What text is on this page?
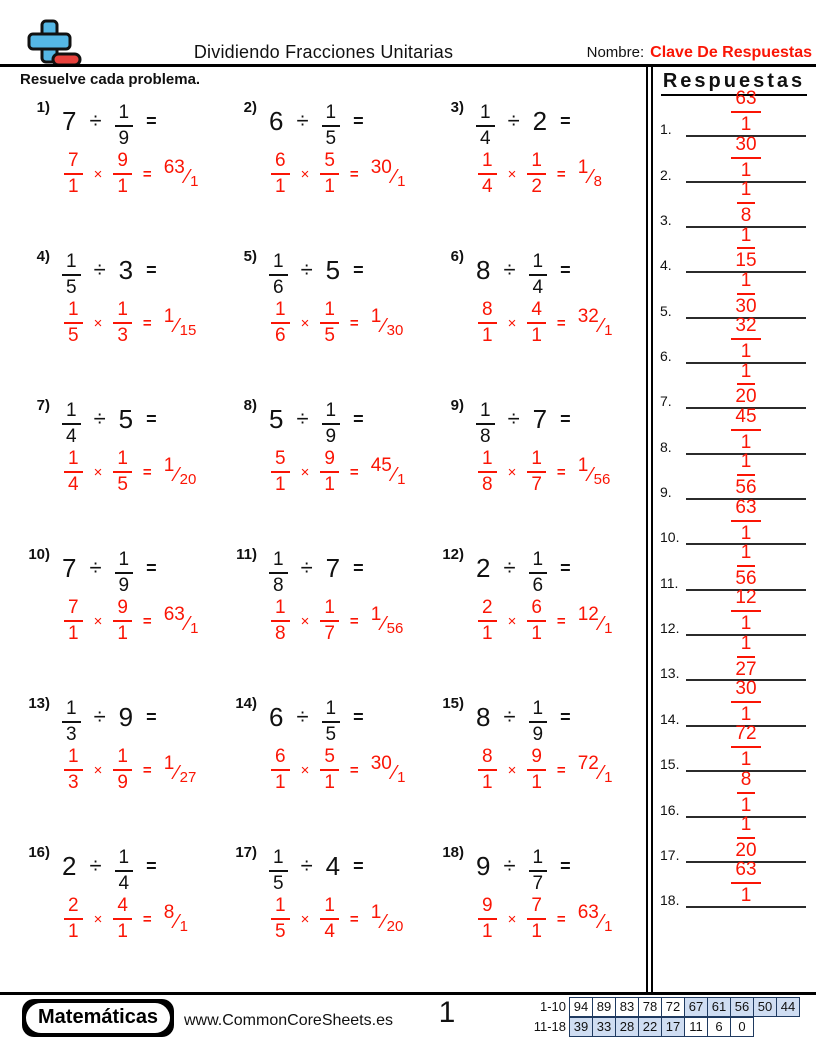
Dividiendo Fracciones Unitarias	Nombre: Clave De Respuestas
Resuelve cada problema.
1) $7 \div \frac{1}{9}$ =
$\frac{7}{1} \times \frac{9}{1} = 63$ ⁄ 1
2) $6 \div \frac{1}{5}$ =
$\frac{6}{1} \times \frac{5}{1} = 30$ ⁄ 1
$3) \frac{1}{4} \div 2$ =
$\frac{1}{4} \times \frac{1}{2} = 1$ ⁄ 8
$4) \frac{1}{5} \div 3$ =
$\frac{1}{5} \times \frac{1}{3} = 1$ ⁄ 15
$5) \frac{1}{6} \div 5$ =
$\frac{1}{6} \times \frac{1}{5} = 1$ ⁄ 30
6) $8 \div \frac{1}{4}$ =
$\frac{8}{1} \times \frac{4}{1} = 32$ ⁄ 1
$7) \frac{1}{4} \div 5$ =
$\frac{1}{4} \times \frac{1}{5} = 1$ ⁄ 20
8) $5 \div \frac{1}{9}$ =
$\frac{5}{1} \times \frac{9}{1} = 45$ ⁄ 1
$9) \frac{1}{8} \div 7$ =
$\frac{1}{8} \times \frac{1}{7} = 1$ ⁄ 56
10) $7 \div \frac{1}{9}$ =
$\frac{7}{1} \times \frac{9}{1} = 63$ ⁄ 1
$11) \frac{1}{8} \div 7$ =
$\frac{1}{8} \times \frac{1}{7} = 1$ ⁄ 56
12) $2 \div \frac{1}{6}$ =
$\frac{2}{1} \times \frac{6}{1} = 12$ ⁄ 1
$13) \frac{1}{3} \div 9$ =
$\frac{1}{3} \times \frac{1}{9} = 1$ ⁄ 27
14) $6 \div \frac{1}{5}$ =
$\frac{6}{1} \times \frac{5}{1} = 30$ ⁄ 1
15) $8 \div \frac{1}{9}$ =
$\frac{8}{1} \times \frac{9}{1} = 72$ ⁄ 1
16) $2 \div \frac{1}{4}$ =
$\frac{2}{1} \times \frac{4}{1} = 8$ ⁄ 1
$17) \frac{1}{5} \div 4$ =
$\frac{1}{5} \times \frac{1}{4} = 1$ ⁄ 20
18) $9 \div \frac{1}{7}$ =
$\frac{9}{1} \times \frac{7}{1} = 63$ ⁄ 1
Respuestas
1.	$\frac{63}{1}$
2.	$\frac{30}{1}$
3.	$\frac{1}{8}$
4.	$\frac{1}{15}$
5.	$\frac{1}{30}$
6.	$\frac{32}{1}$
7.	$\frac{1}{20}$
8.	$\frac{45}{1}$
9.	$\frac{1}{56}$
10.	$\frac{63}{1}$
11.	$\frac{1}{56}$
12.	$\frac{12}{1}$
13.	$\frac{1}{27}$
14.	$\frac{30}{1}$
15.	$\frac{72}{1}$
16.	$\frac{8}{1}$
17.	$\frac{1}{20}$
18.	$\frac{63}{1}$
Matemáticas	www.CommonCoreSheets.es	1	1-10 94 89 83 78 72 67 61 56 50 44
11-18 39 33 28 22 17 11 6	0
